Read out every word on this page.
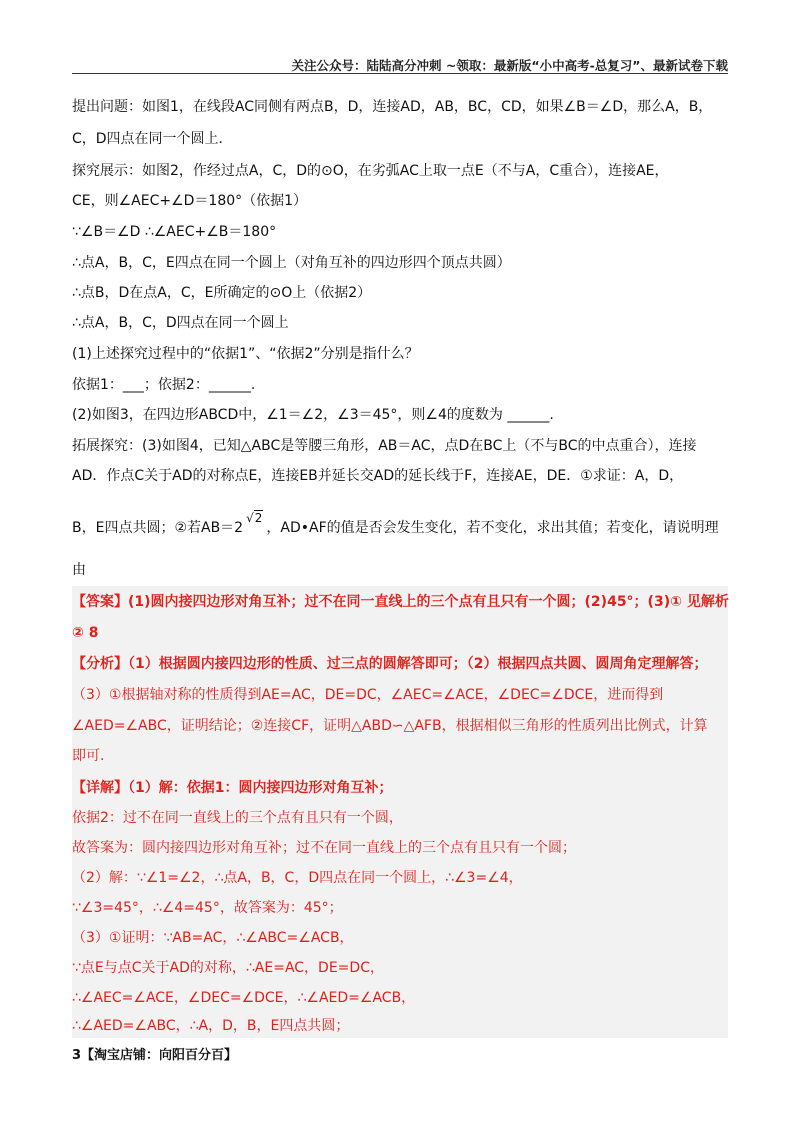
关注公众号：陆陆高分冲刺 ~领取：最新版“小中高考-总复习”、最新试卷下载
提出问题：如图1，在线段AC同侧有两点B，D，连接AD，AB，BC，CD，如果∠B＝∠D，那么A，B，
C，D四点在同一个圆上．
探究展示：如图2，作经过点A，C，D的⊙O，在劣弧AC上取一点E（不与A，C重合），连接AE，
CE，则∠AEC+∠D＝180°（依据1）
∵∠B＝∠D ∴∠AEC+∠B＝180°
∴点A，B，C，E四点在同一个圆上（对角互补的四边形四个顶点共圆）
∴点B，D在点A，C，E所确定的⊙O上（依据2）
∴点A，B，C，D四点在同一个圆上
(1)上述探究过程中的“依据1”、“依据2”分别是指什么？
依据1：___；依据2：______.
(2)如图3，在四边形ABCD中，∠1＝∠2，∠3＝45°，则∠4的度数为 ______.
拓展探究：(3)如图4，已知△ABC是等腰三角形，AB＝AC，点D在BC上（不与BC的中点重合），连接
AD．作点C关于AD的对称点E，连接EB并延长交AD的延长线于F，连接AE，DE．①求证：A，D，
B，E四点共圆；②若AB＝2√2，AD•AF的值是否会发生变化，若不变化，求出其值；若变化，请说明理
由
【答案】(1)圆内接四边形对角互补；过不在同一直线上的三个点有且只有一个圆；(2)45°；(3)① 见解析
② 8
【分析】（1）根据圆内接四边形的性质、过三点的圆解答即可；（2）根据四点共圆、圆周角定理解答；
（3）①根据轴对称的性质得到AE=AC，DE=DC，∠AEC=∠ACE，∠DEC=∠DCE，进而得到
∠AED=∠ABC，证明结论；②连接CF，证明△ABD∽△AFB，根据相似三角形的性质列出比例式，计算
即可.
【详解】（1）解：依据1：圆内接四边形对角互补；
依据2：过不在同一直线上的三个点有且只有一个圆，
故答案为：圆内接四边形对角互补；过不在同一直线上的三个点有且只有一个圆；
（2）解：∵∠1=∠2，∴点A，B，C，D四点在同一个圆上，∴∠3=∠4，
∵∠3=45°，∴∠4=45°，故答案为：45°；
（3）①证明：∵AB=AC，∴∠ABC=∠ACB，
∵点E与点C关于AD的对称，∴AE=AC，DE=DC，
∴∠AEC=∠ACE，∠DEC=∠DCE，∴∠AED=∠ACB，
∴∠AED=∠ABC，∴A，D，B，E四点共圆；
3【淘宝店铺：向阳百分百】
